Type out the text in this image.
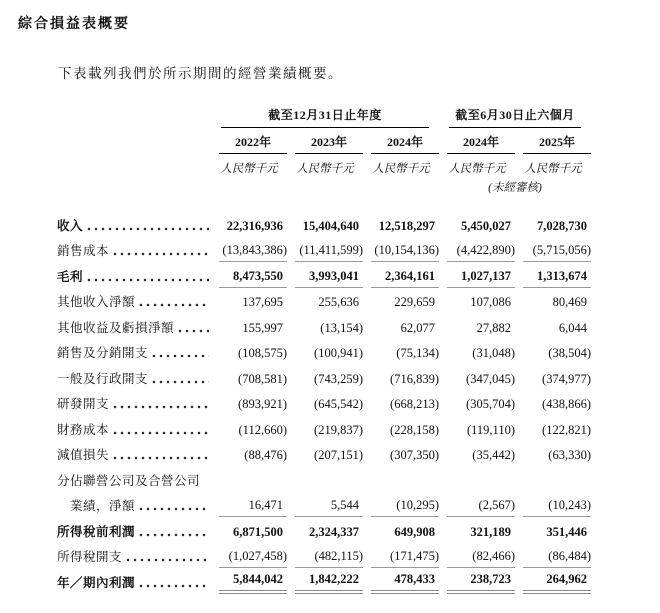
綜合損益表概要
下表載列我們於所示期間的經營業績概要。
截至12月31日止年度	截至6月30日止六個月
2022年	2023年	2024年	2024年	2025年
人民幣千元	人民幣千元	人民幣千元	人民幣千元	人民幣千元
(未經審核)
收入	22,316,936	15,404,640	12,518,297	5,450,027	7,028,730
銷售成本	(13,843,386) (11,411,599) (10,154,136) (4,422,890) (5,715,056)
毛利	8,473,550	3,993,041	2,364,161	1,027,137	1,313,674
其他收入淨額	137,695	255,636	229,659	107,086	80,469
其他收益及虧損淨額	155,997	(13,154)	62,077	27,882	6,044
銷售及分銷開支	(108,575) (100,941)	(75,134)	(31,048)	(38,504)
一般及行政開支	(708,581) (743,259) (716,839) (347,045) (374,977)
研發開支	(893,921) (645,542) (668,213) (305,704) (438,866)
財務成本	(112,660) (219,837) (228,158) (119,110) (122,821)
減值損失	(88,476) (207,151) (307,350)	(35,442)	(63,330)
分佔聯營公司及合營公司
業績，淨額	16,471	5,544	(10,295)	(2,567)	(10,243)
所得稅前利潤	6,871,500	2,324,337	649,908	321,189	351,446
所得稅開支	(1,027,458) (482,115) (171,475)	(82,466)	(86,484)
年／期內利潤	5,844,042	1,842,222	478,433	238,723	264,962
